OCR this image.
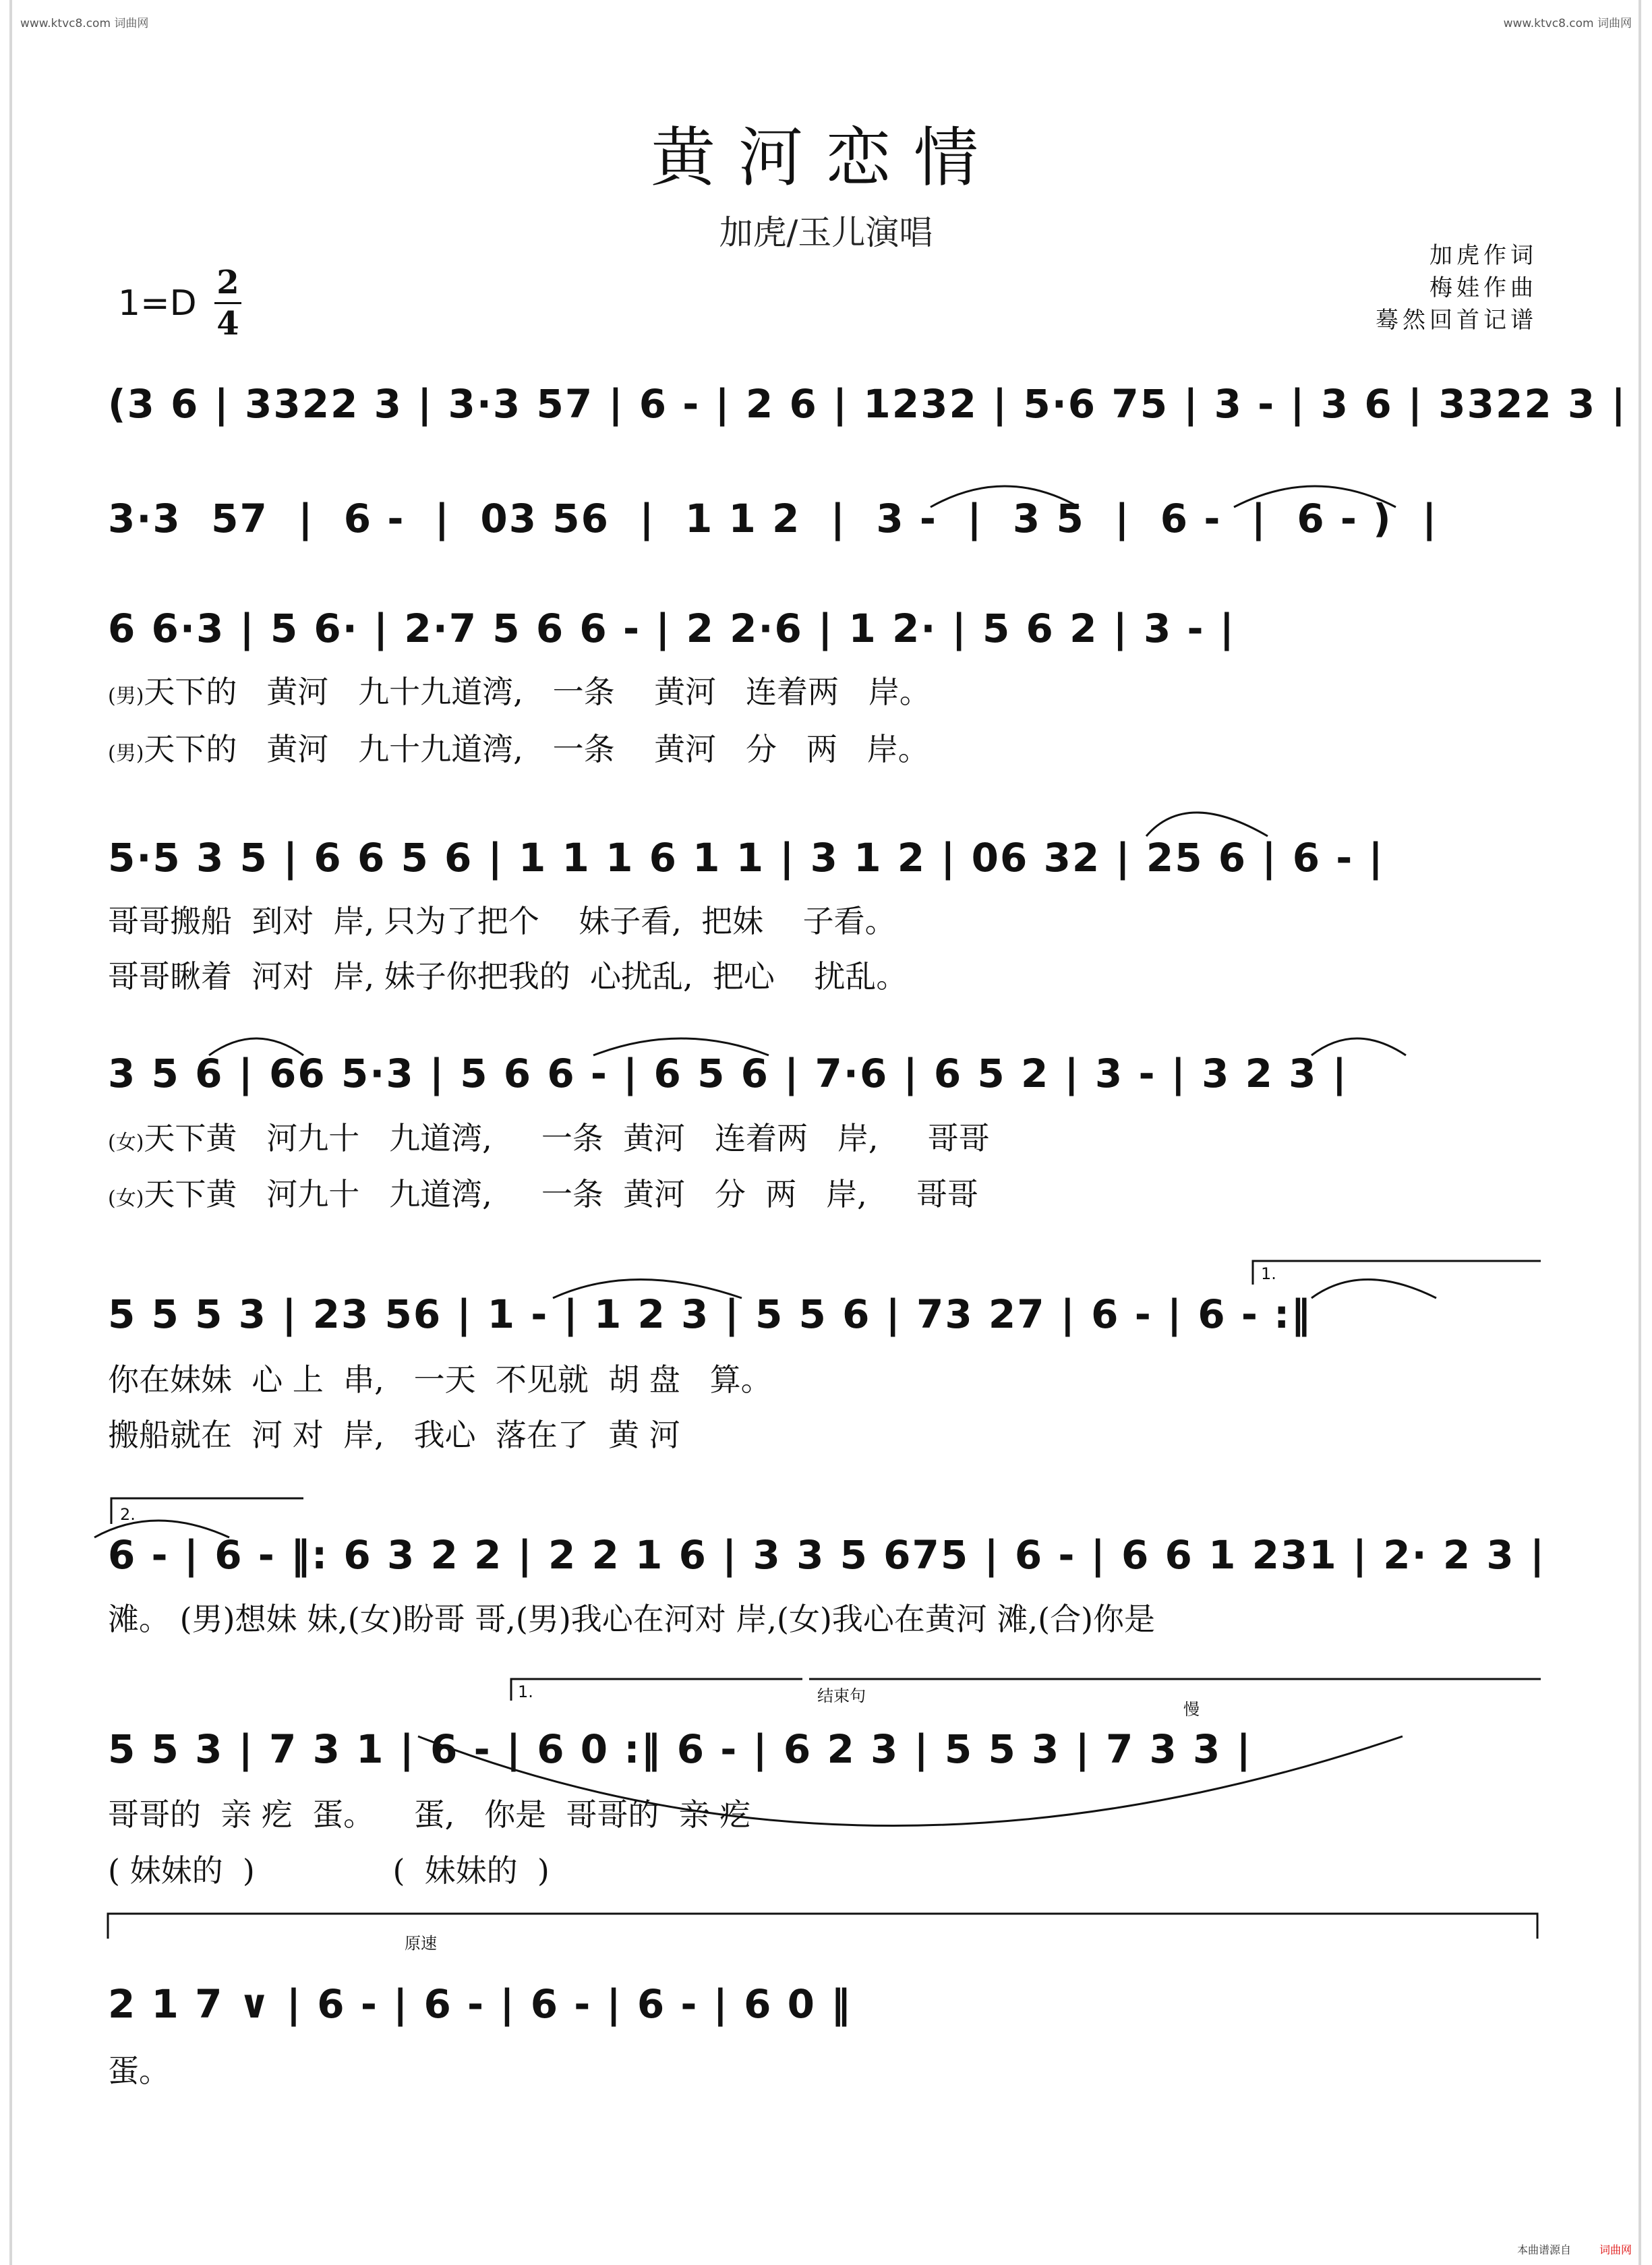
www.ktvc8.com 词曲网	www.ktvc8.com 词曲网
黄河恋情
加虎/玉儿演唱
加虎作词
梅娃作曲
蓦然回首记谱
1=D
2
4
(3 6 | 3322 3 | 3·3 57 | 6 - | 2 6 | 1232 | 5·6 75 | 3 - | 3 6 | 3322 3 |
3·3  57  |  6 -  |  03 56  |  1 1 2  |  3 -  |  3 5  |  6 -  |  6 - )  |
6 6·3 | 5 6· | 2·7 5 6 6 - | 2 2·6 | 1 2· | 5 6 2 | 3 - |
(男)天下的   黄河   九十九道湾,   一条    黄河   连着两   岸。
(男)天下的   黄河   九十九道湾,   一条    黄河   分   两   岸。
5·5 3 5 | 6 6 5 6 | 1 1 1 6 1 1 | 3 1 2 | 06 32 | 25 6 | 6 - |
哥哥搬船  到对  岸, 只为了把个    妹子看,  把妹    子看。
哥哥瞅着  河对  岸, 妹子你把我的  心扰乱,  把心    扰乱。
3 5 6 | 66 5·3 | 5 6 6 - | 6 5 6 | 7·6 | 6 5 2 | 3 - | 3 2 3 |
(女)天下黄   河九十   九道湾,     一条  黄河   连着两   岸,     哥哥
(女)天下黄   河九十   九道湾,     一条  黄河   分  两   岸,     哥哥
5 5 5 3 | 23 56 | 1 - | 1 2 3 | 5 5 6 | 73 27 | 6 - | 6 - :‖
你在妹妹  心 上  串,   一天  不见就  胡 盘   算。
搬船就在  河 对  岸,   我心  落在了  黄 河
6 - | 6 - ‖: 6 3 2 2 | 2 2 1 6 | 3 3 5 675 | 6 - | 6 6 1 231 | 2· 2 3 |
滩。 (男)想妹 妹,(女)盼哥 哥,(男)我心在河对 岸,(女)我心在黄河 滩,(合)你是
5 5 3 | 7 3 1 | 6 - | 6 0 :‖ 6 - | 6 2 3 | 5 5 3 | 7 3 3 |
哥哥的  亲 疙  蛋。    蛋,   你是  哥哥的  亲 疙
( 妹妹的  )              (  妹妹的  )
2 1 7 ∨ | 6 - | 6 - | 6 - | 6 - | 6 0 ‖
蛋。
1.
2.
1.	结束句
慢
原速
本曲谱源自	词曲网
